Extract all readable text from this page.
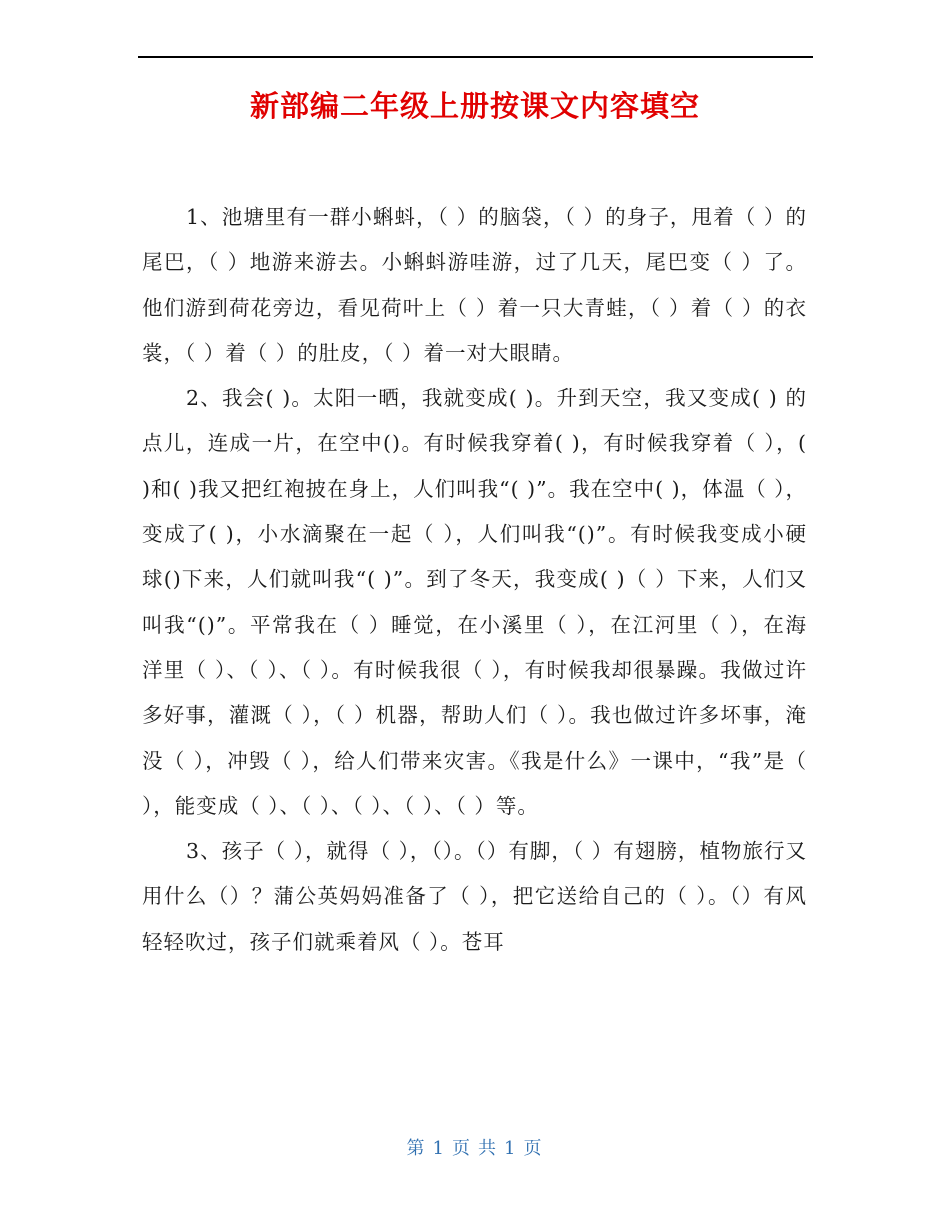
新部编二年级上册按课文内容填空

1、池塘里有一群小蝌蚪，（ ）的脑袋，（ ）的身子，甩着（ ）的尾巴，（ ）地游来游去。小蝌蚪游哇游，过了几天，尾巴变（ ）了。他们游到荷花旁边，看见荷叶上（ ）着一只大青蛙，（ ）着（ ）的衣裳，（ ）着（ ）的肚皮，（ ）着一对大眼睛。

2、我会( )。太阳一晒，我就变成( )。升到天空，我又变成( ) 的点儿，连成一片，在空中()。有时候我穿着( )，有时候我穿着（ ），( )和( )我又把红袍披在身上，人们叫我“( )”。我在空中( )，体温（ ），变成了( )，小水滴聚在一起（ ），人们叫我“()”。有时候我变成小硬球()下来，人们就叫我“( )”。到了冬天，我变成( )（ ）下来，人们又叫我“()”。平常我在（ ）睡觉，在小溪里（ ），在江河里（ ），在海洋里（ ）、（ ）、（ ）。有时候我很（ ），有时候我却很暴躁。我做过许多好事，灌溉（ ），（ ）机器，帮助人们（ ）。我也做过许多坏事，淹没（ ），冲毁（ ），给人们带来灾害。《我是什么》一课中，“我”是（ ），能变成（ ）、（ ）、（ ）、（ ）、（ ）等。

3、孩子（ ），就得（ ），（）。（）有脚，（ ）有翅膀，植物旅行又用什么（）？蒲公英妈妈准备了（ ），把它送给自己的（ ）。（）有风轻轻吹过，孩子们就乘着风（ ）。苍耳

第 1 页 共 1 页
